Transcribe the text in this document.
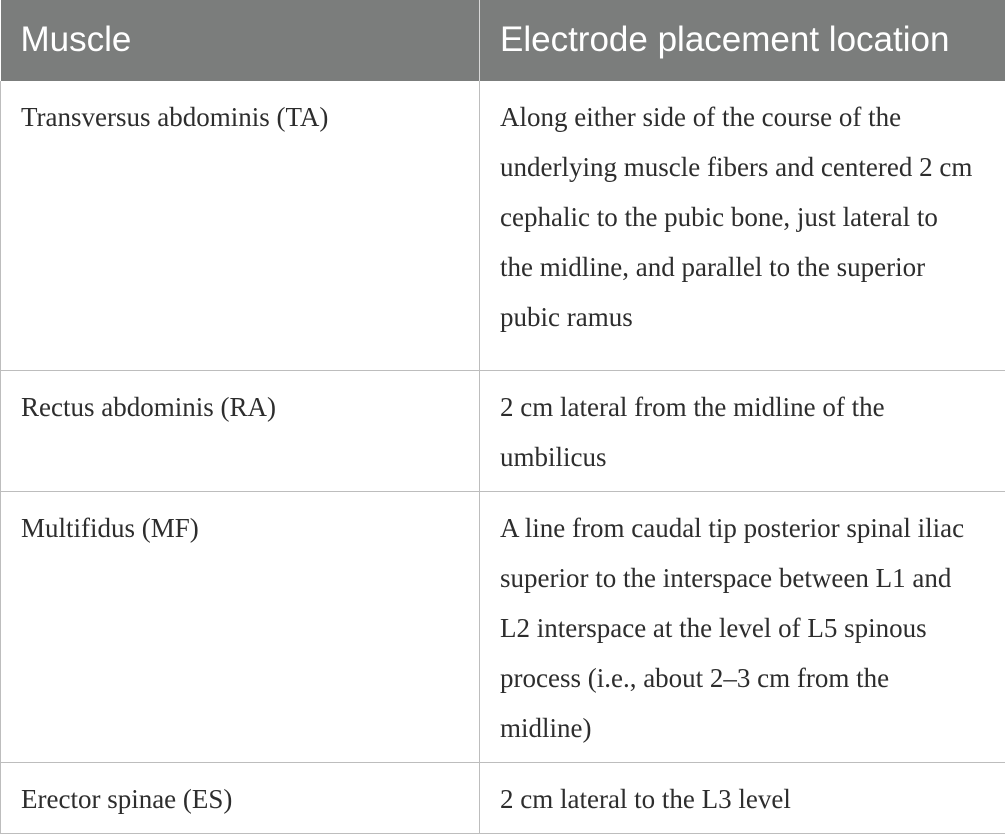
Muscle	Electrode placement location
Transversus abdominis (TA)	Along either side of the course of the underlying muscle fibers and centered 2 cm cephalic to the pubic bone, just lateral to the midline, and parallel to the superior pubic ramus
Rectus abdominis (RA)	2 cm lateral from the midline of the umbilicus
Multifidus (MF)	A line from caudal tip posterior spinal iliac superior to the interspace between L1 and L2 interspace at the level of L5 spinous process (i.e., about 2–3 cm from the midline)
Erector spinae (ES)	2 cm lateral to the L3 level
